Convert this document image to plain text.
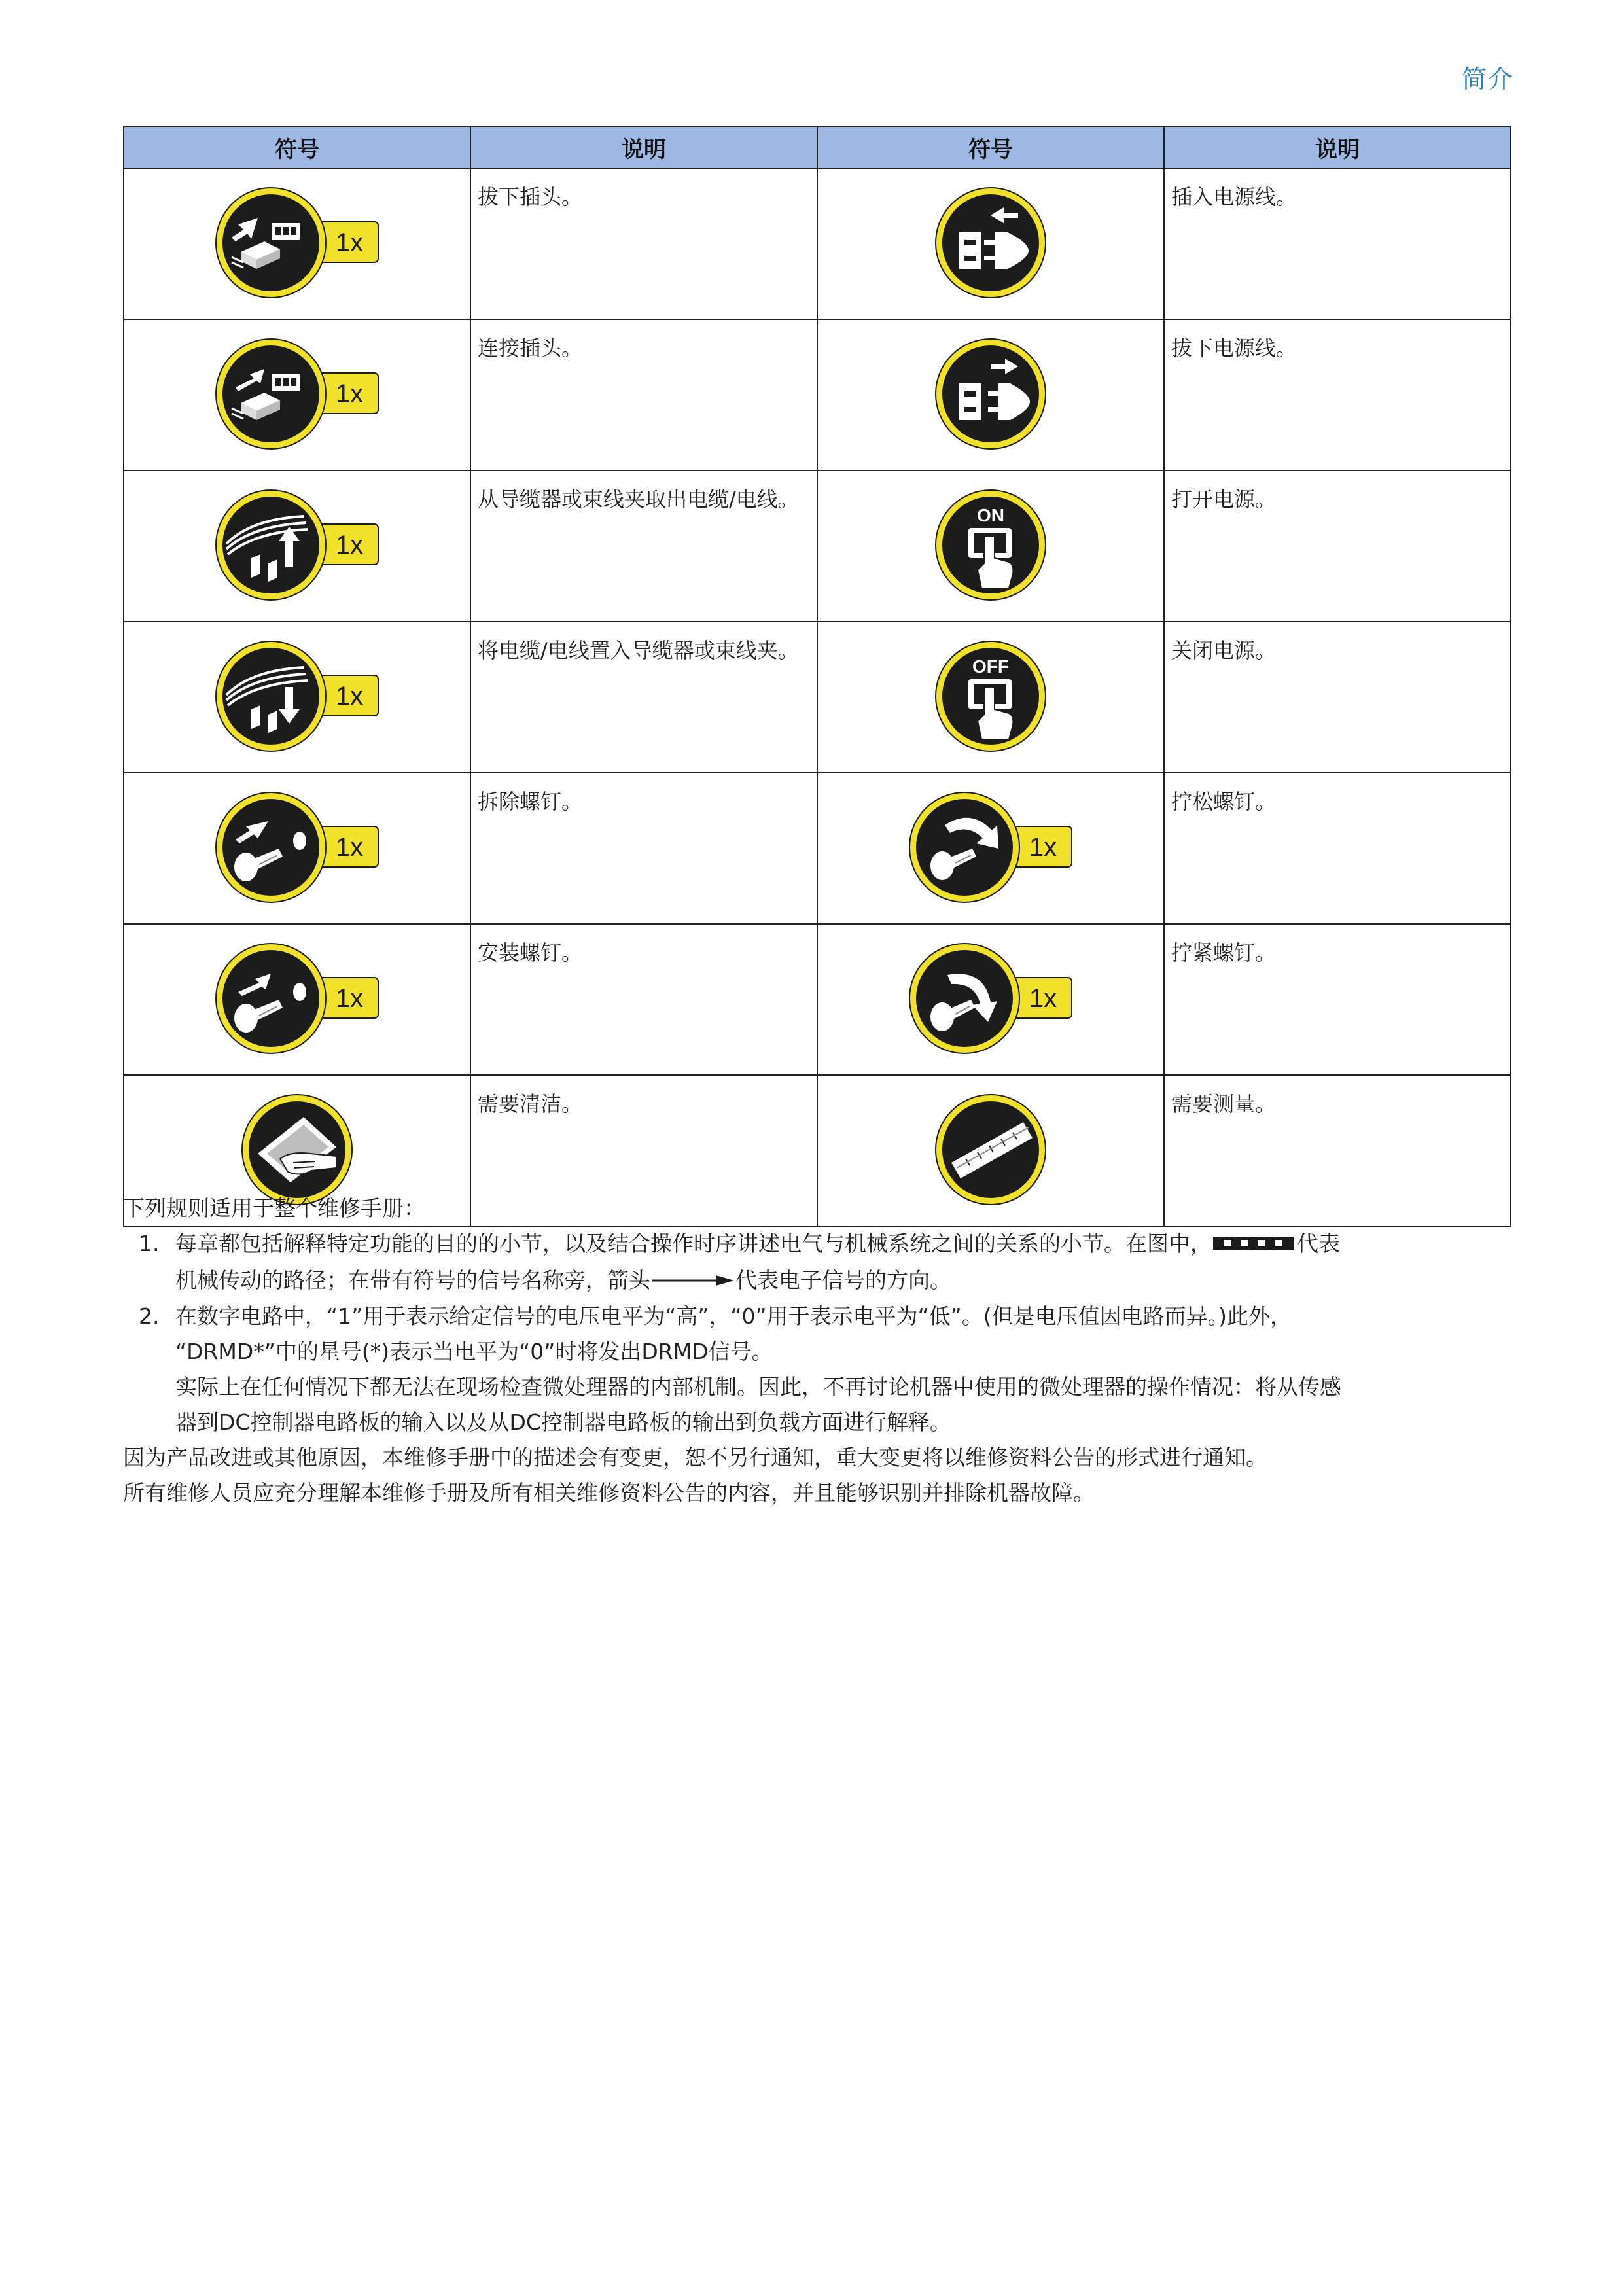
简介
符号	说明	符号	说明

1x	拔下插头。		插入电源线。

1x	连接插头。		拔下电源线。

1x	从导缆器或束线夹取出电缆/电线。	ON	打开电源。

1x	将电缆/电线置入导缆器或束线夹。	OFF	关闭电源。

1x	拆除螺钉。	1x	拧松螺钉。

1x	安装螺钉。	1x	拧紧螺钉。

	需要清洁。		需要测量。

下列规则适用于整个维修手册：

1. 每章都包括解释特定功能的目的的小节，以及结合操作时序讲述电气与机械系统之间的关系的小节。在图中，	代表
机械传动的路径；在带有符号的信号名称旁，箭头	代表电子信号的方向。
2. 在数字电路中，“1”用于表示给定信号的电压电平为“高”，“0”用于表示电平为“低”。(但是电压值因电路而异。)此外，
“DRMD*”中的星号(*)表示当电平为“0”时将发出DRMD信号。
实际上在任何情况下都无法在现场检查微处理器的内部机制。因此，不再讨论机器中使用的微处理器的操作情况：将从传感
器到DC控制器电路板的输入以及从DC控制器电路板的输出到负载方面进行解释。

因为产品改进或其他原因，本维修手册中的描述会有变更，恕不另行通知，重大变更将以维修资料公告的形式进行通知。

所有维修人员应充分理解本维修手册及所有相关维修资料公告的内容，并且能够识别并排除机器故障。
